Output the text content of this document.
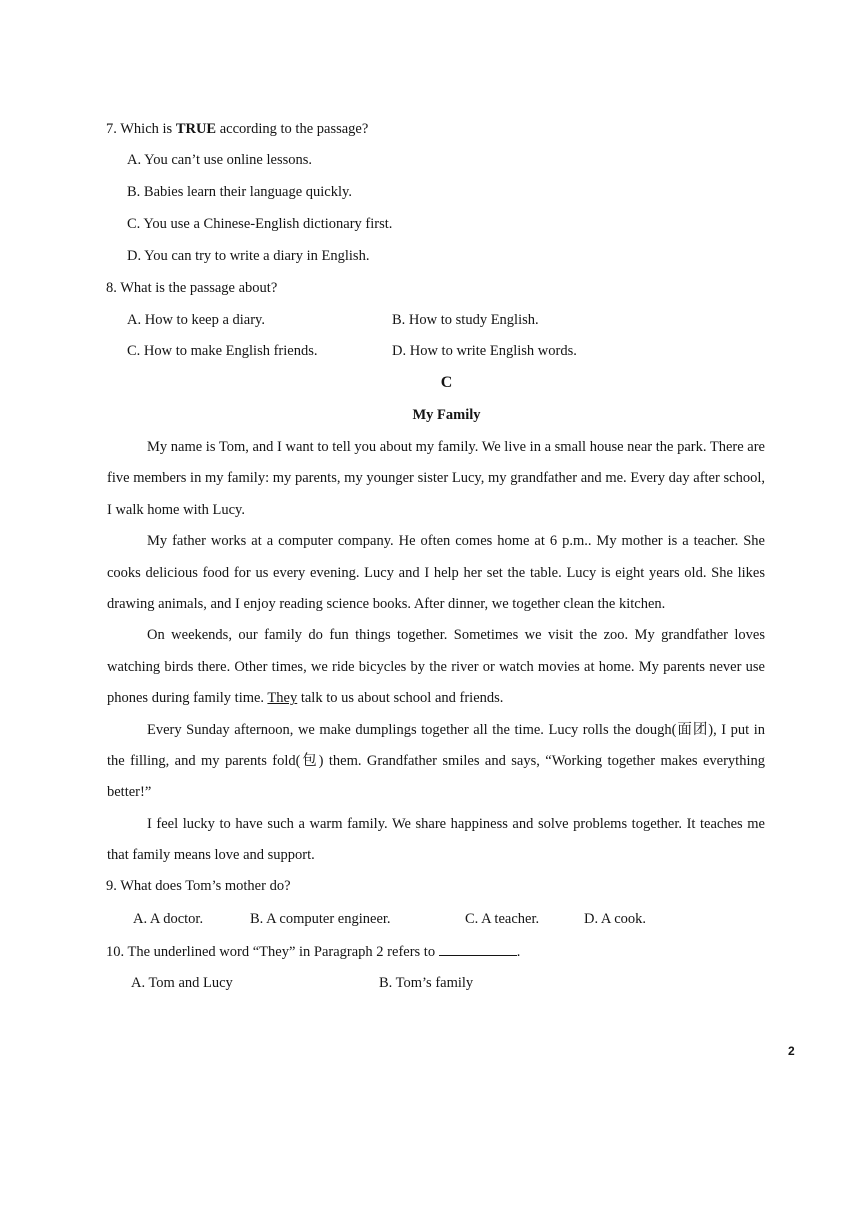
7. Which is TRUE according to the passage?
A. You can’t use online lessons.
B. Babies learn their language quickly.
C. You use a Chinese-English dictionary first.
D. You can try to write a diary in English.
8. What is the passage about?
A. How to keep a diary.	B. How to study English.
C. How to make English friends.	D. How to write English words.
C
My Family

My name is Tom, and I want to tell you about my family. We live in a small house near the park. There are five members in my family: my parents, my younger sister Lucy, my grandfather and me. Every day after school, I walk home with Lucy.

My father works at a computer company. He often comes home at 6 p.m.. My mother is a teacher. She cooks delicious food for us every evening. Lucy and I help her set the table. Lucy is eight years old. She likes drawing animals, and I enjoy reading science books. After dinner, we together clean the kitchen.

On weekends, our family do fun things together. Sometimes we visit the zoo. My grandfather loves watching birds there. Other times, we ride bicycles by the river or watch movies at home. My parents never use phones during family time. They talk to us about school and friends.

Every Sunday afternoon, we make dumplings together all the time. Lucy rolls the dough(面团), I put in the filling, and my parents fold(包) them. Grandfather smiles and says, “Working together makes everything better!”

I feel lucky to have such a warm family. We share happiness and solve problems together. It teaches me that family means love and support.

9. What does Tom’s mother do?
A. A doctor.	B. A computer engineer.	C. A teacher.	D. A cook.
10. The underlined word “They” in Paragraph 2 refers to	.
A. Tom and Lucy	B. Tom’s family
2
